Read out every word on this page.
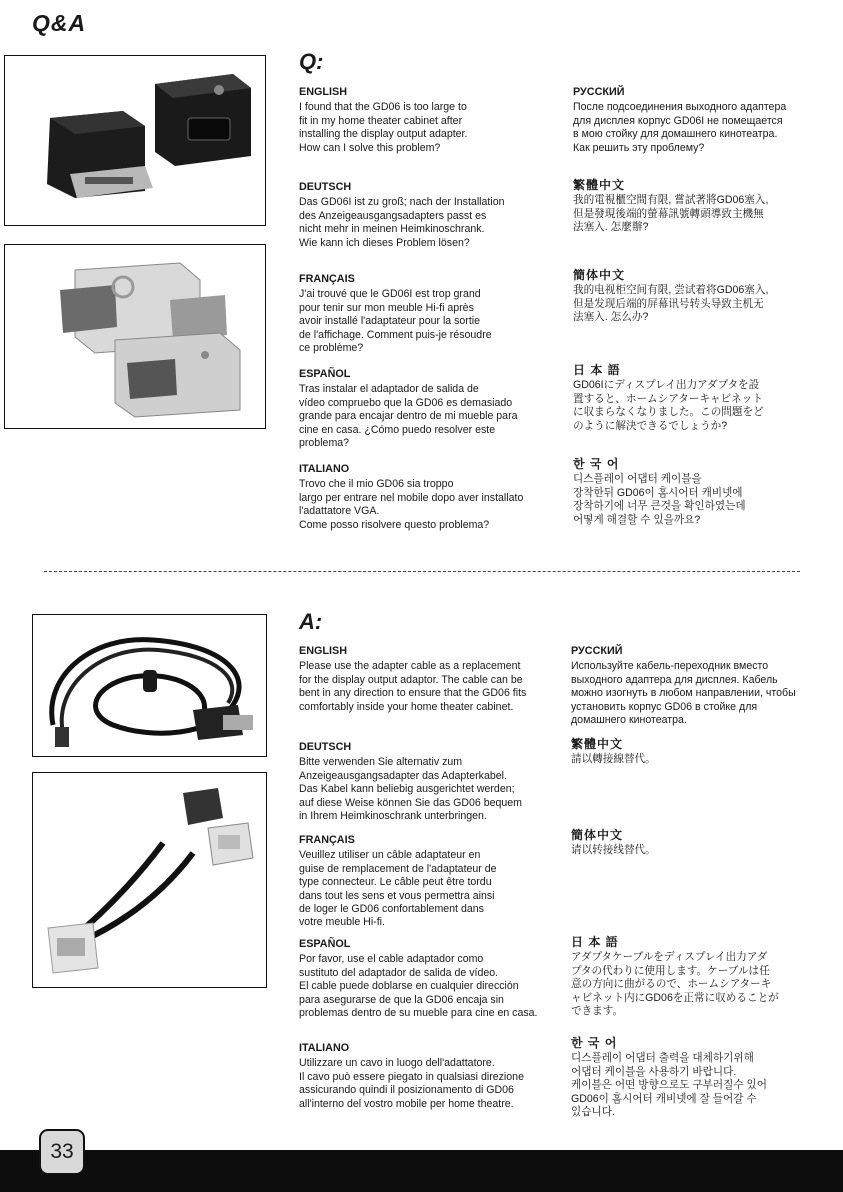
Q&A
Q:
ENGLISH
I found that the GD06 is too large to
fit in my home theater cabinet after
installing the display output adapter.
How can I solve this problem?
DEUTSCH
Das GD06I ist zu groß; nach der Installation
des Anzeigeausgangsadapters passt es
nicht mehr in meinen Heimkinoschrank.
Wie kann ich dieses Problem lösen?
FRANÇAIS
J'ai trouvé que le GD06I est trop grand
pour tenir sur mon meuble Hi-fi après
avoir installé l'adaptateur pour la sortie
de l'affichage. Comment puis-je résoudre
ce problème?
ESPAÑOL
Tras instalar el adaptador de salida de
vídeo compruebo que la GD06 es demasiado
grande para encajar dentro de mi mueble para
cine en casa. ¿Cómo puedo resolver este
problema?
ITALIANO
Trovo che il mio GD06 sia troppo
largo per entrare nel mobile dopo aver installato
l'adattatore VGA.
Come posso risolvere questo problema?
РУССКИЙ
После подсоединения выходного адаптера
для дисплея корпус GD06I не помещается
в мою стойку для домашнего кинотеатра.
Как решить эту проблему?
繁體中文
我的電視櫃空間有限, 嘗試著將GD06塞入,
但是發現後端的螢幕訊號轉頭導致主機無
法塞入. 怎麼辦?
簡体中文
我的电视柜空间有限, 尝试着将GD06塞入,
但是发现后端的屏幕讯号转头导致主机无
法塞入. 怎么办?
日 本 語
GD06Iにディスプレイ出力アダプタを設
置すると、ホームシアターキャビネット
に収まらなくなりました。この問題をど
のように解決できるでしょうか?
한 국 어
디스플레이 어댑터 케이블을
장착한뒤 GD06이 홈시어터 캐비넷에
장착하기에 너무 큰것을 확인하였는데
어떻게 해결할 수 있을까요?
A:
ENGLISH
Please use the adapter cable as a replacement
for the display output adaptor. The cable can be
bent in any direction to ensure that the GD06 fits
comfortably inside your home theater cabinet.
DEUTSCH
Bitte verwenden Sie alternativ zum
Anzeigeausgangsadapter das Adapterkabel.
Das Kabel kann beliebig ausgerichtet werden;
auf diese Weise können Sie das GD06 bequem
in Ihrem Heimkinoschrank unterbringen.
FRANÇAIS
Veuillez utiliser un câble adaptateur en
guise de remplacement de l'adaptateur de
type connecteur. Le câble peut être tordu
dans tout les sens et vous permettra ainsi
de loger le GD06 confortablement dans
votre meuble Hi-fi.
ESPAÑOL
Por favor, use el cable adaptador como
sustituto del adaptador de salida de vídeo.
El cable puede doblarse en cualquier dirección
para asegurarse de que la GD06 encaja sin
problemas dentro de su mueble para cine en casa.
ITALIANO
Utilizzare un cavo in luogo dell'adattatore.
Il cavo può essere piegato in qualsiasi direzione
assicurando quindi il posizionamento di GD06
all'interno del vostro mobile per home theatre.
РУССКИЙ
Используйте кабель-переходник вместо
выходного адаптера для дисплея. Кабель
можно изогнуть в любом направлении, чтобы
установить корпус GD06 в стойке для
домашнего кинотеатра.
繁體中文
請以轉接線替代。
簡体中文
请以转接线替代。
日 本 語
アダプタケーブルをディスプレイ出力アダ
プタの代わりに使用します。ケーブルは任
意の方向に曲がるので、ホームシアターキ
ャビネット内にGD06を正常に収めることが
できます。
한 국 어
디스플레이 어댑터 출력을 대체하기위해
어댑터 케이블을 사용하기 바랍니다.
케이블은 어떤 방향으로도 구부러질수 있어
GD06이 홈시어터 캐비넷에 잘 들어갈 수
있습니다.
33
